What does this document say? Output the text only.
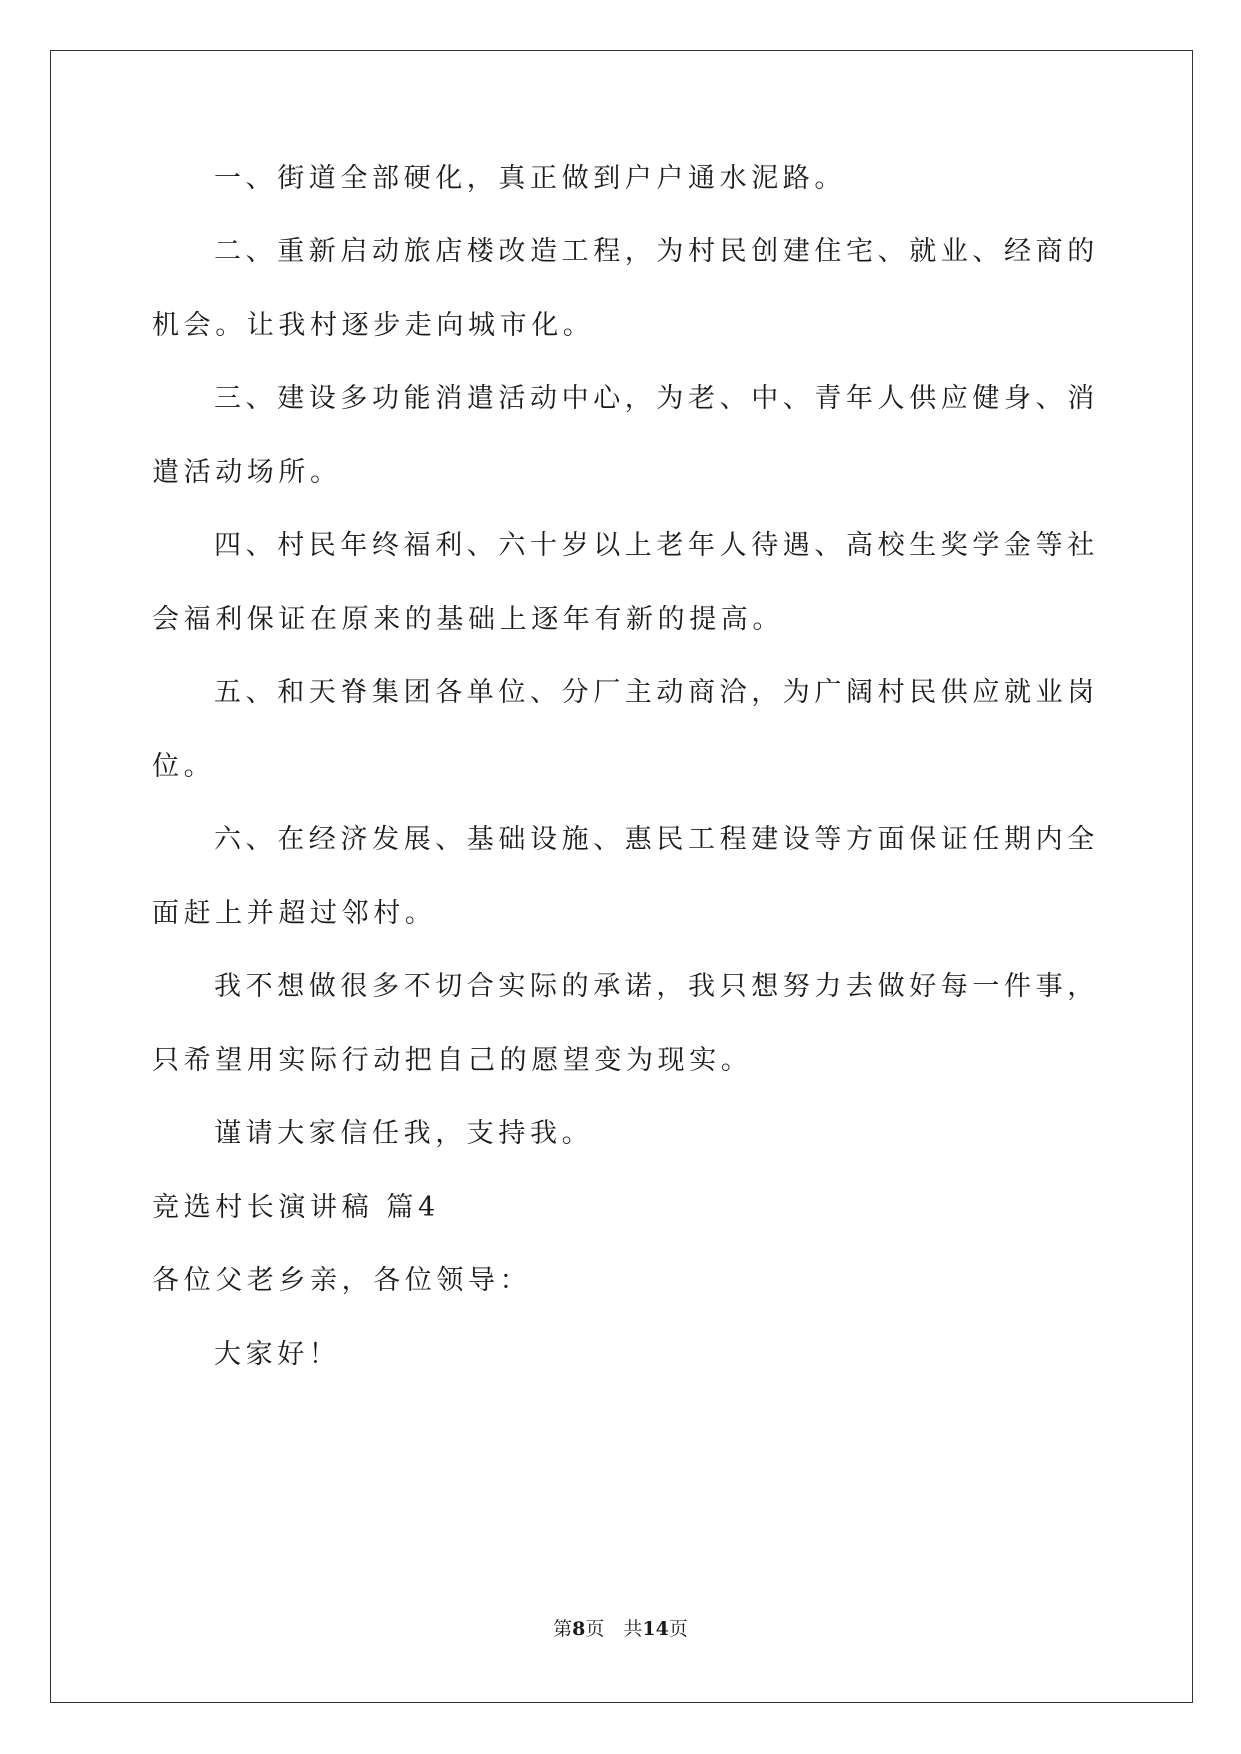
一、街道全部硬化，真正做到户户通水泥路。
二、重新启动旅店楼改造工程，为村民创建住宅、就业、经商的
机会。让我村逐步走向城市化。
三、建设多功能消遣活动中心，为老、中、青年人供应健身、消
遣活动场所。
四、村民年终福利、六十岁以上老年人待遇、高校生奖学金等社
会福利保证在原来的基础上逐年有新的提高。
五、和天脊集团各单位、分厂主动商洽，为广阔村民供应就业岗
位。
六、在经济发展、基础设施、惠民工程建设等方面保证任期内全
面赶上并超过邻村。
我不想做很多不切合实际的承诺，我只想努力去做好每一件事，
只希望用实际行动把自己的愿望变为现实。
谨请大家信任我，支持我。
竞选村长演讲稿 篇4
各位父老乡亲，各位领导：
大家好！
第8页　共14页
